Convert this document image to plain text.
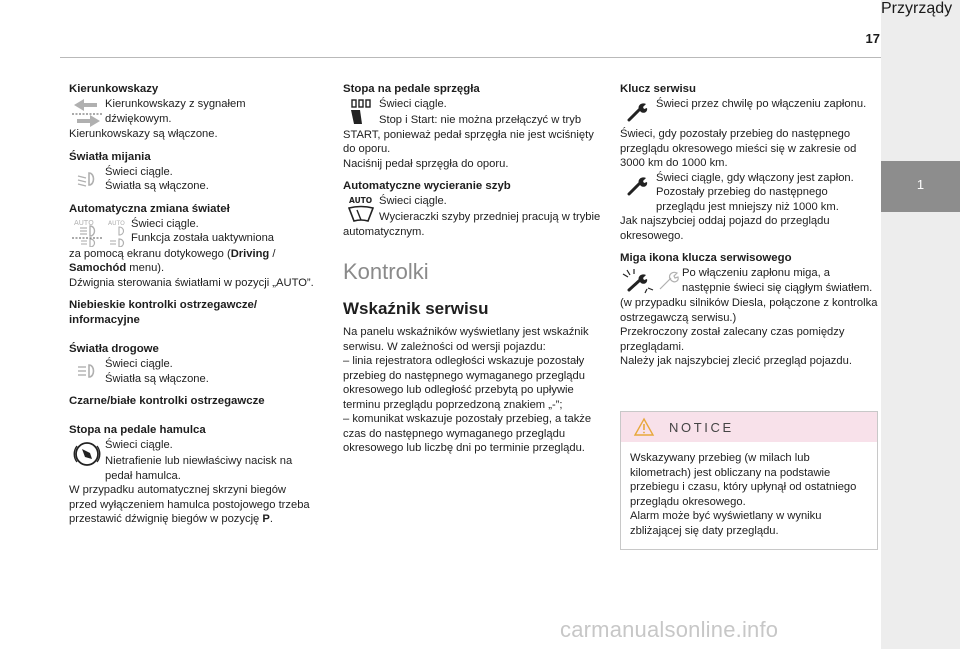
17
1
Przyrządy

Kierunkowskazy

Kierunkowskazy z sygnałem dźwiękowym.

Kierunkowskazy są włączone.

Światła mijania

Świeci ciągle.

Światła są włączone.

Automatyczna zmiana świateł

AUTO AUTO Świeci ciągle.

Funkcja została uaktywniona

za pomocą ekranu dotykowego (Driving / Samochód menu).

Dźwignia sterowania światłami w pozycji „AUTO”.

Niebieskie kontrolki ostrzegawcze/ informacyjne

Światła drogowe

Świeci ciągle.

Światła są włączone.

Czarne/białe kontrolki ostrzegawcze

Stopa na pedale hamulca

Świeci ciągle.

Nietrafienie lub niewłaściwy nacisk na pedał hamulca.

W przypadku automatycznej skrzyni biegów przed wyłączeniem hamulca postojowego trzeba przestawić dźwignię biegów w pozycję P.

Stopa na pedale sprzęgła

Świeci ciągle.

Stop i Start: nie można przełączyć w tryb START, ponieważ pedał sprzęgła nie jest wciśnięty do oporu.

Naciśnij pedał sprzęgła do oporu.

Automatyczne wycieranie szyb

AUTO Świeci ciągle.

Wycieraczki szyby przedniej pracują w trybie automatycznym.

Kontrolki

Wskaźnik serwisu

Na panelu wskaźników wyświetlany jest wskaźnik serwisu. W zależności od wersji pojazdu:

– linia rejestratora odległości wskazuje pozostały przebieg do następnego wymaganego przeglądu okresowego lub odległość przebytą po upływie terminu przeglądu poprzedzoną znakiem „-”;

– komunikat wskazuje pozostały przebieg, a także czas do następnego wymaganego przeglądu okresowego lub liczbę dni po terminie przeglądu.

Klucz serwisu

Świeci przez chwilę po włączeniu zapłonu.

Świeci, gdy pozostały przebieg do następnego przeglądu okresowego mieści się w zakresie od 3000 km do 1000 km.

Świeci ciągle, gdy włączony jest zapłon. Pozostały przebieg do następnego przeglądu jest mniejszy niż 1000 km.

Jak najszybciej oddaj pojazd do przeglądu okresowego.

Miga ikona klucza serwisowego

Po włączeniu zapłonu miga, a następnie świeci się ciągłym światłem.

(w przypadku silników Diesla, połączone z kontrolka ostrzegawczą serwisu.)

Przekroczony został zalecany czas pomiędzy przeglądami.

Należy jak najszybciej zlecić przegląd pojazdu.

NOTICE

Wskazywany przebieg (w milach lub kilometrach) jest obliczany na podstawie przebiegu i czasu, który upłynął od ostatniego przeglądu okresowego.

Alarm może być wyświetlany w wyniku zbliżającej się daty przeglądu.

carmanualsonline.info
